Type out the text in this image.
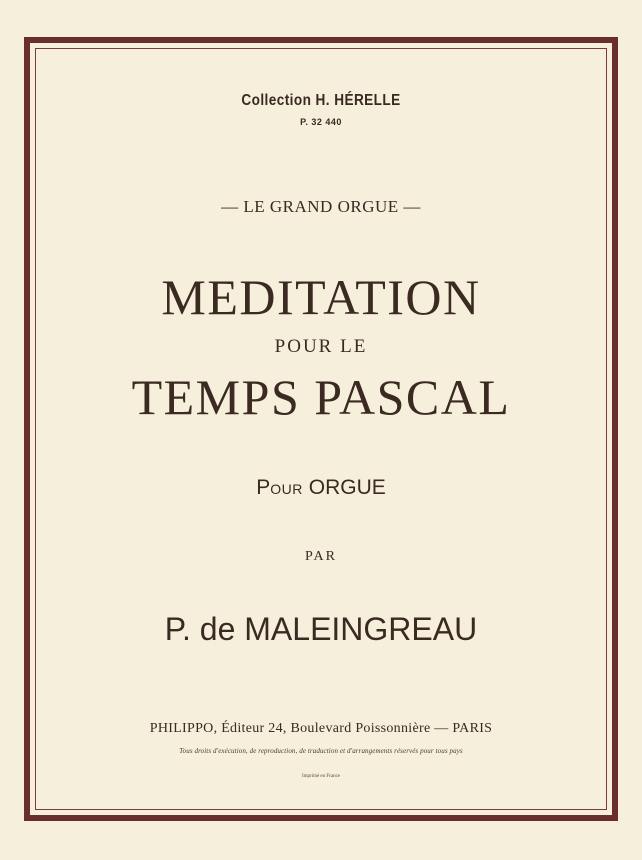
Collection H. HÉRELLE
P. 32 440
— LE GRAND ORGUE —
MEDITATION
POUR LE
TEMPS PASCAL
POUR ORGUE
PAR
P. de MALEINGREAU
PHILIPPO, Éditeur 24, Boulevard Poissonnière — PARIS
Tous droits d'exécution, de reproduction, de traduction et d'arrangements réservés pour tous pays
Imprimé en France
